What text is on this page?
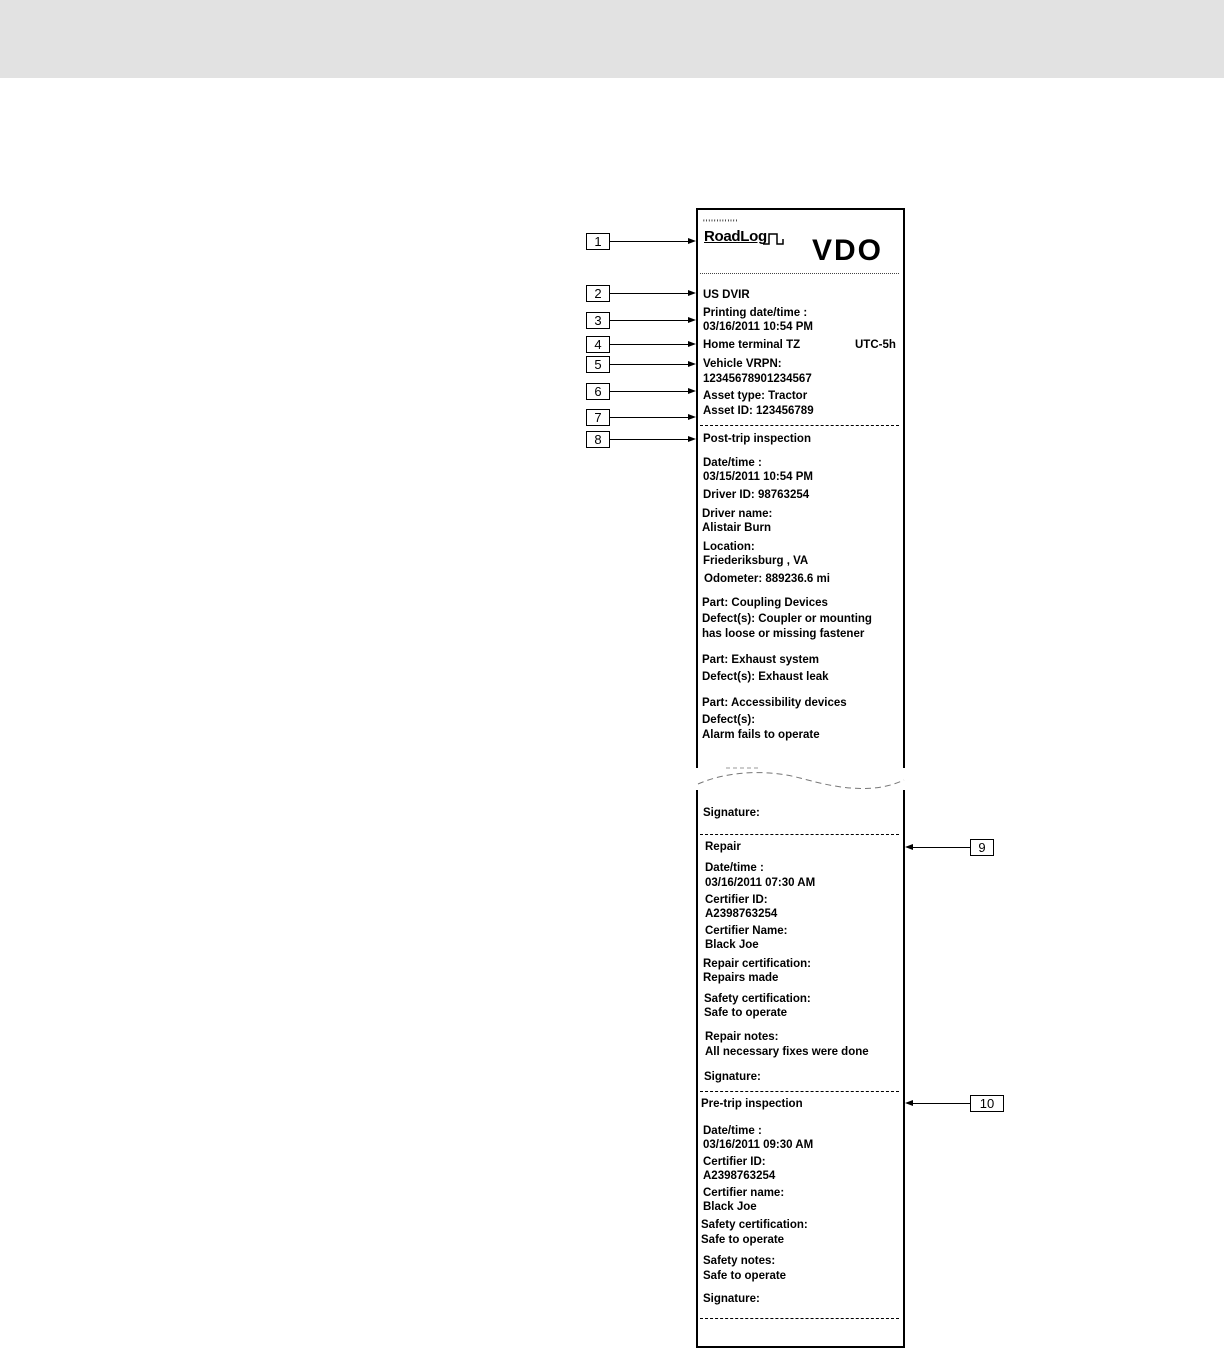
'''''''''''''
RoadLog VDO
US DVIR
Printing date/time :
03/16/2011 10:54 PM
Home terminal TZ	UTC-5h
Vehicle VRPN:
12345678901234567
Asset type: Tractor
Asset ID: 123456789
Post-trip inspection
Date/time :
03/15/2011 10:54 PM
Driver ID: 98763254
Driver name:
Alistair Burn
Location:
Friederiksburg , VA
Odometer: 889236.6 mi
Part: Coupling Devices
Defect(s): Coupler or mounting
has loose or missing fastener
Part: Exhaust system
Defect(s): Exhaust leak
Part: Accessibility devices
Defect(s):
Alarm fails to operate
Signature:
Repair
Date/time :
03/16/2011 07:30 AM
Certifier ID:
A2398763254
Certifier Name:
Black Joe
Repair certification:
Repairs made
Safety certification:
Safe to operate
Repair notes:
All necessary fixes were done
Signature:
Pre-trip inspection
Date/time :
03/16/2011 09:30 AM
Certifier ID:
A2398763254
Certifier name:
Black Joe
Safety certification:
Safe to operate
Safety notes:
Safe to operate
Signature:
1
2
3
4
5
6
7
8
9
10
